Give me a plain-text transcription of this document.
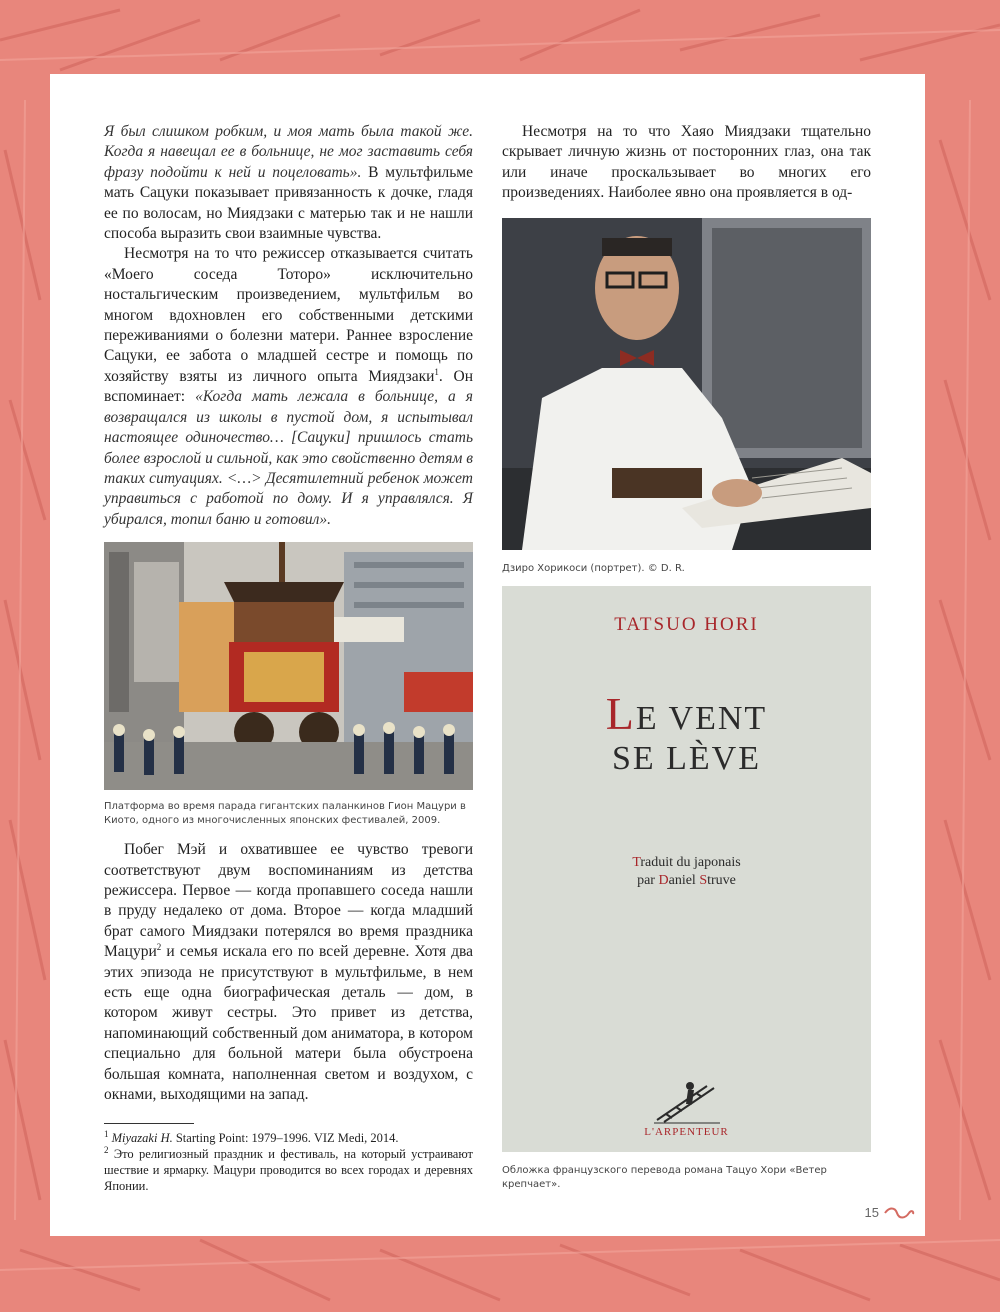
Я был слишком робким, и моя мать была такой же. Когда я навещал ее в больнице, не мог заставить себя фразу подойти к ней и поцеловать». В мультфильме мать Сацуки показывает привязанность к дочке, гладя ее по волосам, но Миядзаки с матерью так и не нашли способа выразить свои взаимные чувства.

Несмотря на то что режиссер отказывается считать «Моего соседа Тоторо» исключительно ностальгическим произведением, мультфильм во многом вдохновлен его собственными детскими переживаниями о болезни матери. Раннее взросление Сацуки, ее забота о младшей сестре и помощь по хозяйству взяты из личного опыта Миядзаки$^1$. Он вспоминает: «Когда мать лежала в больнице, а я возвращался из школы в пустой дом, я испытывал настоящее одиночество… [Сацуки] пришлось стать более взрослой и сильной, как это свойственно детям в таких ситуациях. <…> Десятилетний ребенок может управиться с работой по дому. И я управлялся. Я убирался, топил баню и готовил».

Платформа во время парада гигантских паланкинов Гион Мацури в Киото, одного из многочисленных японских фестивалей, 2009.

Побег Мэй и охватившее ее чувство тревоги соответствуют двум воспоминаниям из детства режиссера. Первое — когда пропавшего соседа нашли в пруду недалеко от дома. Второе — когда младший брат самого Миядзаки потерялся во время праздника Мацури$^2$ и семья искала его по всей деревне. Хотя два этих эпизода не присутствуют в мультфильме, в нем есть еще одна биографическая деталь — дом, в котором живут сестры. Это привет из детства, напоминающий собственный дом аниматора, в котором специально для больной матери была обустроена большая комната, наполненная светом и воздухом, с окнами, выходящими на запад.

$^1$ Miyazaki H. Starting Point: 1979–1996. VIZ Medi, 2014.
$^2$ Это религиозный праздник и фестиваль, на который устраивают шествие и ярмарку. Мацури проводится во всех городах и деревнях Японии.

Несмотря на то что Хаяо Миядзаки тщательно скрывает личную жизнь от посторонних глаз, она так или иначе проскальзывает во многих его произведениях. Наиболее явно она проявляется в од-

Дзиро Хорикоси (портрет). © D. R.
TATSUO HORI
LE VENT
SE LÈVE
Traduit du japonais
par Daniel Struve
L'ARPENTEUR
Обложка французского перевода романа Тацуо Хори «Ветер крепчает».
15
